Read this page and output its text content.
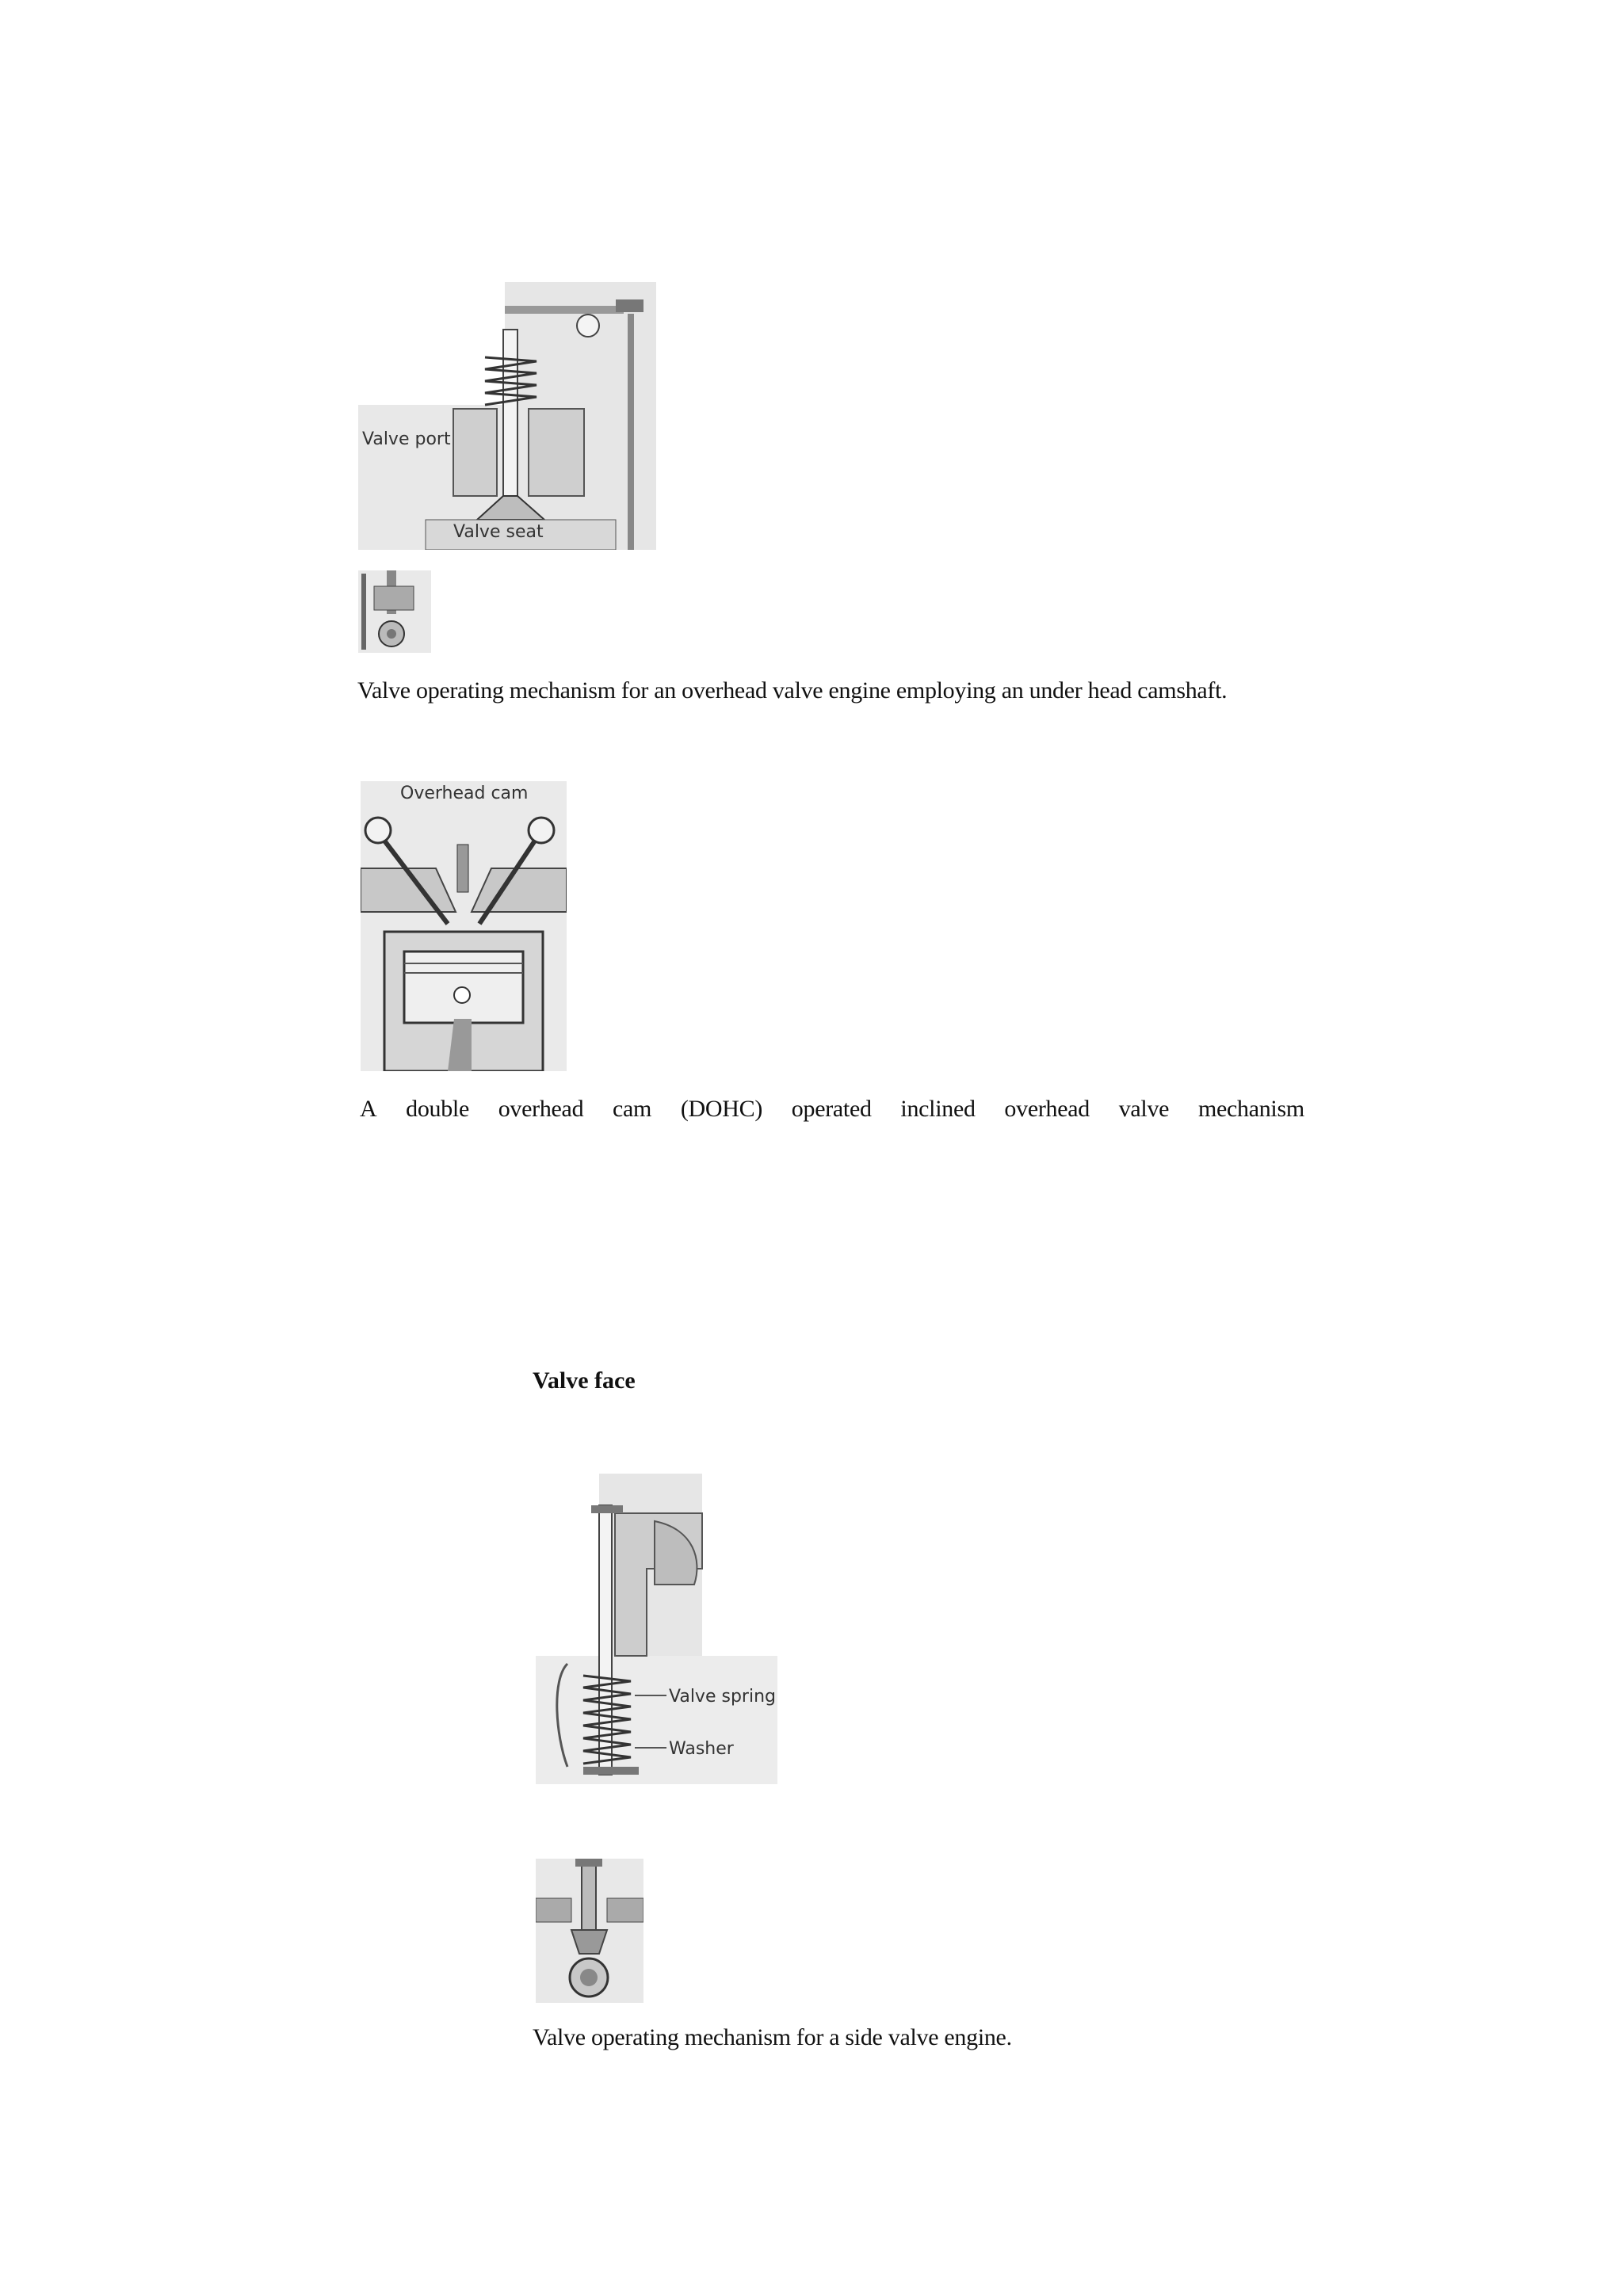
Valve port
Valve seat
Valve operating mechanism for an overhead valve engine employing an under head camshaft.
Overhead cam
A double overhead cam (DOHC) operated inclined overhead valve mechanism
Valve face
Valve spring
Washer
Valve operating mechanism for a side valve engine.
